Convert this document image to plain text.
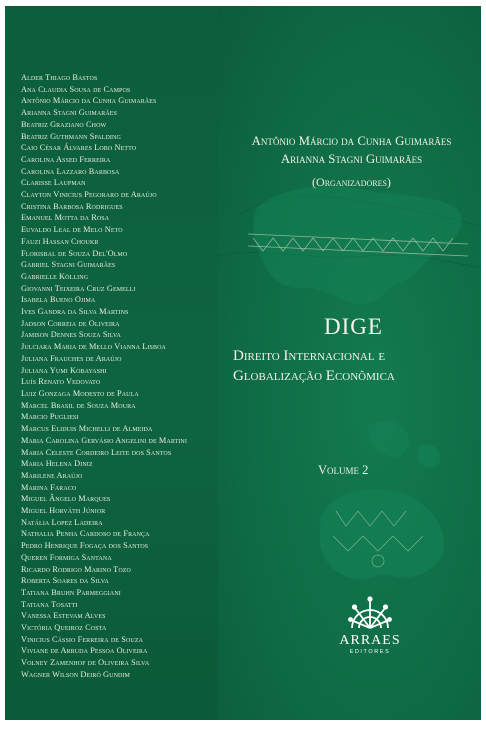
Alder Thiago Bastos
Ana Claudia Sousa de Campos
Antônio Márcio da Cunha Guimarães
Arianna Stagni Guimarães
Beatriz Graziano Chow
Beatriz Guthmann Spalding
Caio César Álvares Lobo Netto
Carolina Assed Ferreira
Carolina Lazzaro Barbosa
Clarisse Laupman
Clayton Vinicius Pegoraro de Araújo
Cristina Barbosa Rodrigues
Emanuel Motta da Rosa
Euvaldo Leal de Melo Neto
Fauzi Hassan Choukr
Florisbal de Souza Del'Olmo
Gabriel Stagni Guimarães
Gabrielle Kölling
Giovanni Teixeira Cruz Gemelli
Isabela Bueno Ojima
Ives Gandra da Silva Martins
Jadson Correia de Oliveira
Jamison Dennes Souza Silva
Julciara Maria de Mello Vianna Lisboa
Juliana Frauches de Araújo
Juliana Yumi Kobayashi
Luís Renato Vedovato
Luiz Gonzaga Modesto de Paula
Marcel Brasil de Souza Moura
Marcio Pugliesi
Marcus Eliduis Michelli de Almeida
Maria Carolina Gervásio Angelini de Martini
Maria Celeste Cordeiro Leite dos Santos
Maria Helena Diniz
Marilene Araújo
Marina Faraco
Miguel Ângelo Marques
Miguel Horváth Júnior
Natália Lopez Ladeira
Nathalia Penha Cardoso de França
Pedro Henrique Fogaça dos Santos
Queren Formiga Santana
Ricardo Rodrigo Marino Tozo
Roberta Soares da Silva
Tatiana Bruhn Parmeggiani
Tatiana Tosatti
Vanessa Estevam Alves
Victória Queiroz Costa
Vinicius Cássio Ferreira de Souza
Viviane de Arruda Pessoa Oliveira
Volney Zamenhof de Oliveira Silva
Wagner Wilson Deiró Gundim
Antônio Márcio da Cunha Guimarães
Arianna Stagni Guimarães
(Organizadores)
DIGE
Direito Internacional e
Globalização Econômica
Volume 2
ARRAES
EDITORES
